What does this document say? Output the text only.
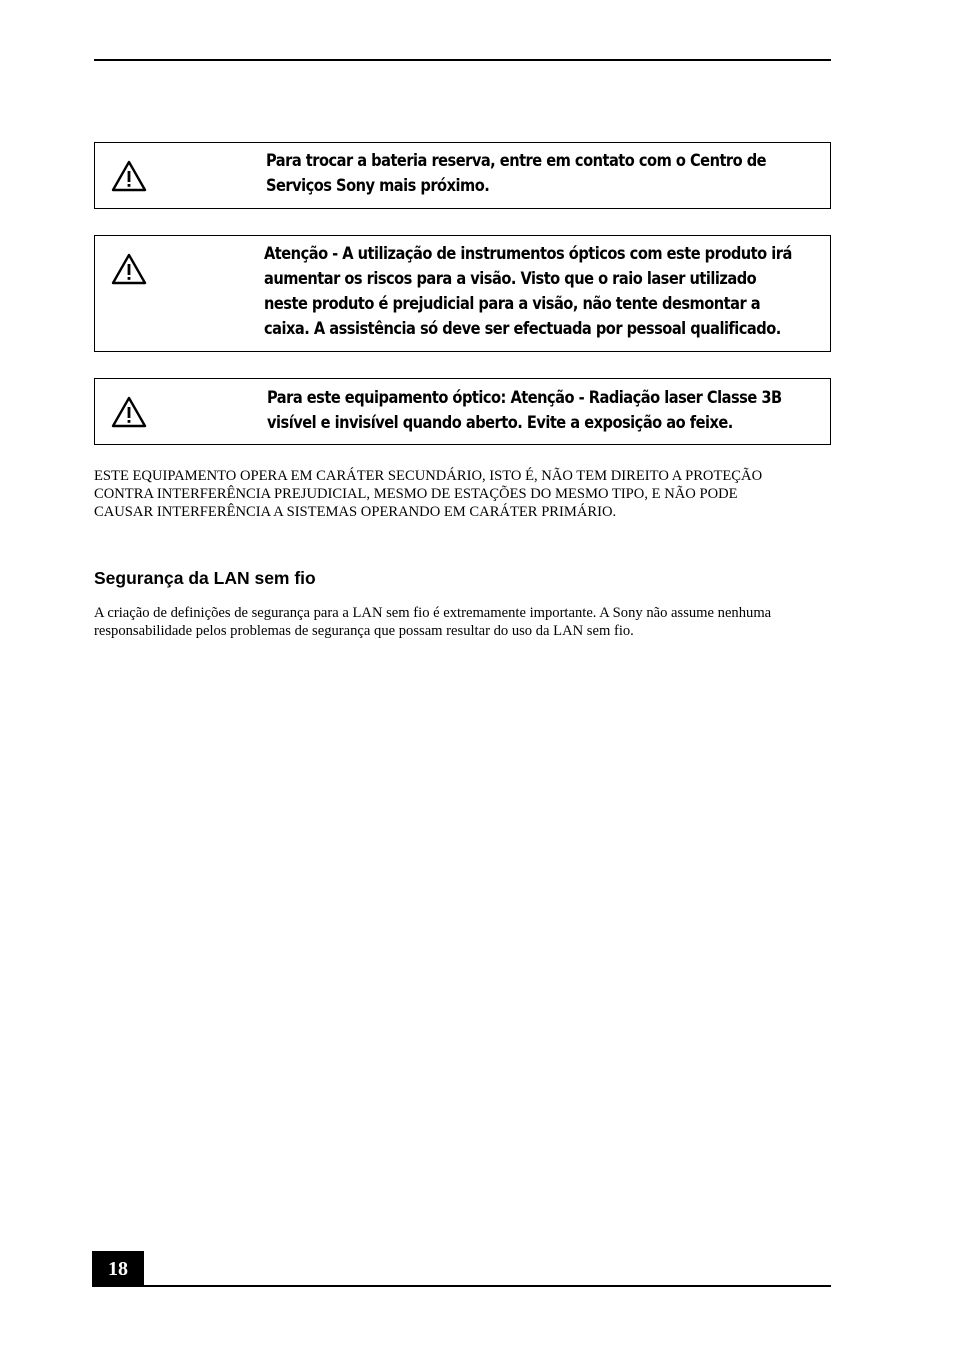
Para trocar a bateria reserva, entre em contato com o Centro de
Serviços Sony mais próximo.

Atenção - A utilização de instrumentos ópticos com este produto irá
aumentar os riscos para a visão. Visto que o raio laser utilizado
neste produto é prejudicial para a visão, não tente desmontar a
caixa. A assistência só deve ser efectuada por pessoal qualificado.

Para este equipamento óptico: Atenção - Radiação laser Classe 3B
visível e invisível quando aberto. Evite a exposição ao feixe.

ESTE EQUIPAMENTO OPERA EM CARÁTER SECUNDÁRIO, ISTO É, NÃO TEM DIREITO A PROTEÇÃO
CONTRA INTERFERÊNCIA PREJUDICIAL, MESMO DE ESTAÇÕES DO MESMO TIPO, E NÃO PODE
CAUSAR INTERFERÊNCIA A SISTEMAS OPERANDO EM CARÁTER PRIMÁRIO.

Segurança da LAN sem fio

A criação de definições de segurança para a LAN sem fio é extremamente importante. A Sony não assume nenhuma
responsabilidade pelos problemas de segurança que possam resultar do uso da LAN sem fio.

18
